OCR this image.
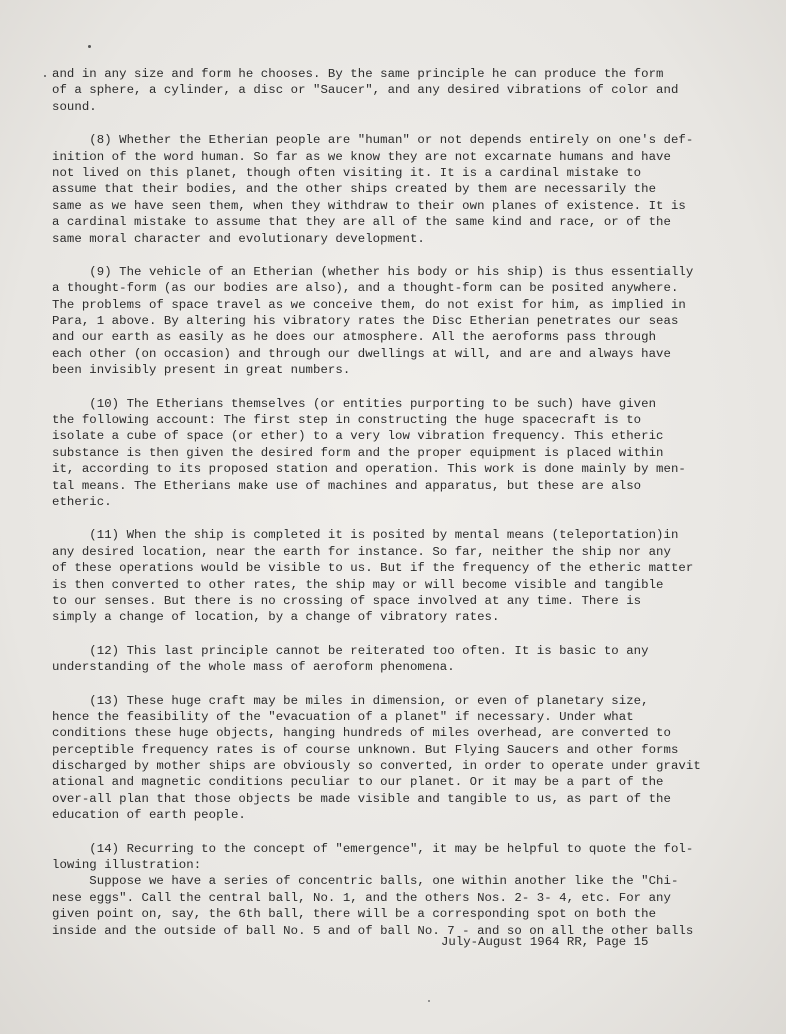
and in any size and form he chooses. By the same principle he can produce the form
of a sphere, a cylinder, a disc or "Saucer", and any desired vibrations of color and
sound.
(8) Whether the Etherian people are "human" or not depends entirely on one's def-
inition of the word human. So far as we know they are not excarnate humans and have
not lived on this planet, though often visiting it. It is a cardinal mistake to
assume that their bodies, and the other ships created by them are necessarily the
same as we have seen them, when they withdraw to their own planes of existence. It is
a cardinal mistake to assume that they are all of the same kind and race, or of the
same moral character and evolutionary development.
(9) The vehicle of an Etherian (whether his body or his ship) is thus essentially
a thought-form (as our bodies are also), and a thought-form can be posited anywhere.
The problems of space travel as we conceive them, do not exist for him, as implied in
Para, 1 above. By altering his vibratory rates the Disc Etherian penetrates our seas
and our earth as easily as he does our atmosphere. All the aeroforms pass through
each other (on occasion) and through our dwellings at will, and are and always have
been invisibly present in great numbers.
(10) The Etherians themselves (or entities purporting to be such) have given
the following account: The first step in constructing the huge spacecraft is to
isolate a cube of space (or ether) to a very low vibration frequency. This etheric
substance is then given the desired form and the proper equipment is placed within
it, according to its proposed station and operation. This work is done mainly by men-
tal means. The Etherians make use of machines and apparatus, but these are also
etheric.
(11) When the ship is completed it is posited by mental means (teleportation)in
any desired location, near the earth for instance. So far, neither the ship nor any
of these operations would be visible to us. But if the frequency of the etheric matter
is then converted to other rates, the ship may or will become visible and tangible
to our senses. But there is no crossing of space involved at any time. There is
simply a change of location, by a change of vibratory rates.
(12) This last principle cannot be reiterated too often. It is basic to any
understanding of the whole mass of aeroform phenomena.
(13) These huge craft may be miles in dimension, or even of planetary size,
hence the feasibility of the "evacuation of a planet" if necessary. Under what
conditions these huge objects, hanging hundreds of miles overhead, are converted to
perceptible frequency rates is of course unknown. But Flying Saucers and other forms
discharged by mother ships are obviously so converted, in order to operate under gravit
ational and magnetic conditions peculiar to our planet. Or it may be a part of the
over-all plan that those objects be made visible and tangible to us, as part of the
education of earth people.
(14) Recurring to the concept of "emergence", it may be helpful to quote the fol-
lowing illustration:
Suppose we have a series of concentric balls, one within another like the "Chi-
nese eggs". Call the central ball, No. 1, and the others Nos. 2- 3- 4, etc. For any
given point on, say, the 6th ball, there will be a corresponding spot on both the
inside and the outside of ball No. 5 and of ball No. 7 - and so on all the other balls
July-August 1964 RR, Page 15
